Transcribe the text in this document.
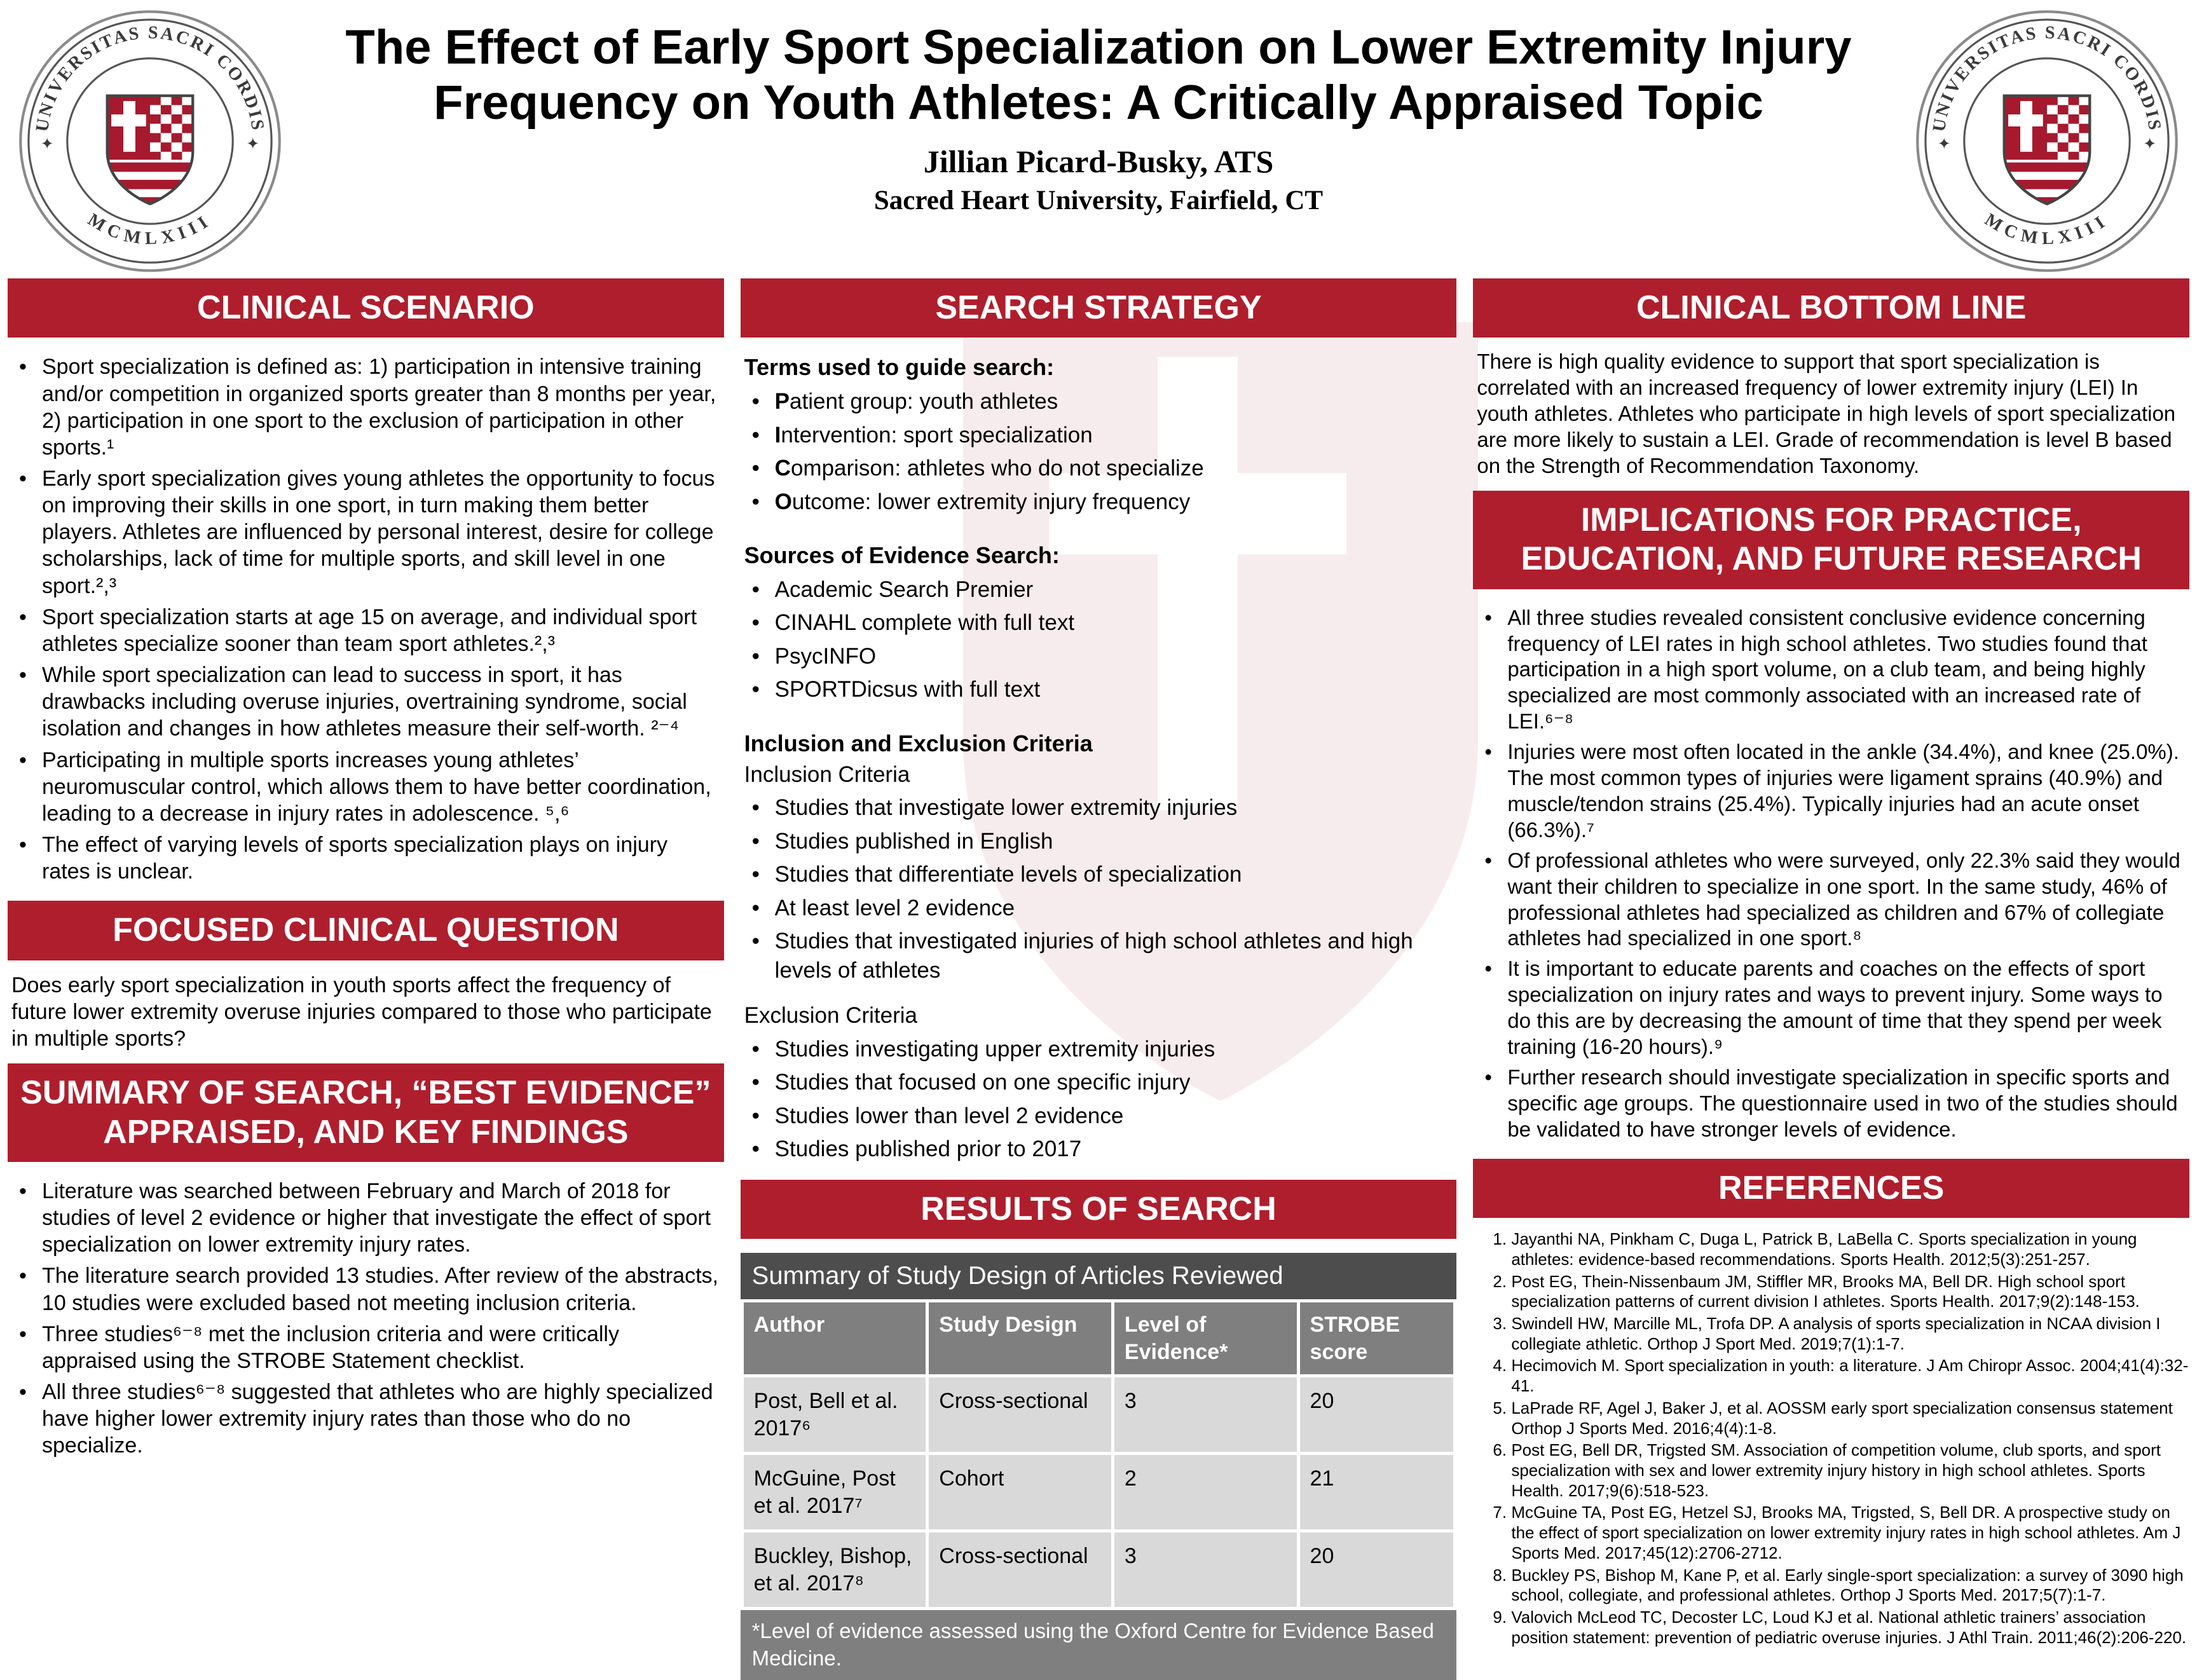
The Effect of Early Sport Specialization on Lower Extremity Injury Frequency on Youth Athletes: A Critically Appraised Topic
Jillian Picard-Busky, ATS
Sacred Heart University, Fairfield, CT
CLINICAL SCENARIO
• Sport specialization is defined as: 1) participation in intensive training and/or competition in organized sports greater than 8 months per year, 2) participation in one sport to the exclusion of participation in other sports.¹
• Early sport specialization gives young athletes the opportunity to focus on improving their skills in one sport, in turn making them better players. Athletes are influenced by personal interest, desire for college scholarships, lack of time for multiple sports, and skill level in one sport.²,³
• Sport specialization starts at age 15 on average, and individual sport athletes specialize sooner than team sport athletes.²,³
• While sport specialization can lead to success in sport, it has drawbacks including overuse injuries, overtraining syndrome, social isolation and changes in how athletes measure their self-worth. ²⁻⁴
• Participating in multiple sports increases young athletes’ neuromuscular control, which allows them to have better coordination, leading to a decrease in injury rates in adolescence. ⁵,⁶
• The effect of varying levels of sports specialization plays on injury rates is unclear.
FOCUSED CLINICAL QUESTION
Does early sport specialization in youth sports affect the frequency of future lower extremity overuse injuries compared to those who participate in multiple sports?
SUMMARY OF SEARCH, “BEST EVIDENCE” APPRAISED, AND KEY FINDINGS
• Literature was searched between February and March of 2018 for studies of level 2 evidence or higher that investigate the effect of sport specialization on lower extremity injury rates.
• The literature search provided 13 studies. After review of the abstracts, 10 studies were excluded based not meeting inclusion criteria.
• Three studies⁶⁻⁸ met the inclusion criteria and were critically appraised using the STROBE Statement checklist.
• All three studies⁶⁻⁸ suggested that athletes who are highly specialized have higher lower extremity injury rates than those who do no specialize.
SEARCH STRATEGY
Terms used to guide search:
• Patient group: youth athletes
• Intervention: sport specialization
• Comparison: athletes who do not specialize
• Outcome: lower extremity injury frequency
Sources of Evidence Search:
• Academic Search Premier
• CINAHL complete with full text
• PsycINFO
• SPORTDicsus with full text
Inclusion and Exclusion Criteria
Inclusion Criteria
• Studies that investigate lower extremity injuries
• Studies published in English
• Studies that differentiate levels of specialization
• At least level 2 evidence
• Studies that investigated injuries of high school athletes and high levels of athletes
Exclusion Criteria
• Studies investigating upper extremity injuries
• Studies that focused on one specific injury
• Studies lower than level 2 evidence
• Studies published prior to 2017
RESULTS OF SEARCH
Summary of Study Design of Articles Reviewed
Author	Study Design	Level of Evidence*	STROBE score
Post, Bell et al. 2017⁶	Cross-sectional	3	20
McGuine, Post et al. 2017⁷	Cohort	2	21
Buckley, Bishop, et al. 2017⁸	Cross-sectional	3	20
*Level of evidence assessed using the Oxford Centre for Evidence Based Medicine.
CLINICAL BOTTOM LINE
There is high quality evidence to support that sport specialization is correlated with an increased frequency of lower extremity injury (LEI) In youth athletes. Athletes who participate in high levels of sport specialization are more likely to sustain a LEI. Grade of recommendation is level B based on the Strength of Recommendation Taxonomy.
IMPLICATIONS FOR PRACTICE, EDUCATION, AND FUTURE RESEARCH
• All three studies revealed consistent conclusive evidence concerning frequency of LEI rates in high school athletes. Two studies found that participation in a high sport volume, on a club team, and being highly specialized are most commonly associated with an increased rate of LEI.⁶⁻⁸
• Injuries were most often located in the ankle (34.4%), and knee (25.0%). The most common types of injuries were ligament sprains (40.9%) and muscle/tendon strains (25.4%). Typically injuries had an acute onset (66.3%).⁷
• Of professional athletes who were surveyed, only 22.3% said they would want their children to specialize in one sport. In the same study, 46% of professional athletes had specialized as children and 67% of collegiate athletes had specialized in one sport.⁸
• It is important to educate parents and coaches on the effects of sport specialization on injury rates and ways to prevent injury. Some ways to do this are by decreasing the amount of time that they spend per week training (16-20 hours).⁹
• Further research should investigate specialization in specific sports and specific age groups. The questionnaire used in two of the studies should be validated to have stronger levels of evidence.
REFERENCES
1. Jayanthi NA, Pinkham C, Duga L, Patrick B, LaBella C. Sports specialization in young athletes: evidence-based recommendations. Sports Health. 2012;5(3):251-257.
2. Post EG, Thein-Nissenbaum JM, Stiffler MR, Brooks MA, Bell DR. High school sport specialization patterns of current division I athletes. Sports Health. 2017;9(2):148-153.
3. Swindell HW, Marcille ML, Trofa DP. A analysis of sports specialization in NCAA division I collegiate athletic. Orthop J Sport Med. 2019;7(1):1-7.
4. Hecimovich M. Sport specialization in youth: a literature. J Am Chiropr Assoc. 2004;41(4):32-41.
5. LaPrade RF, Agel J, Baker J, et al. AOSSM early sport specialization consensus statement Orthop J Sports Med. 2016;4(4):1-8.
6. Post EG, Bell DR, Trigsted SM. Association of competition volume, club sports, and sport specialization with sex and lower extremity injury history in high school athletes. Sports Health. 2017;9(6):518-523.
7. McGuine TA, Post EG, Hetzel SJ, Brooks MA, Trigsted, S, Bell DR. A prospective study on the effect of sport specialization on lower extremity injury rates in high school athletes. Am J Sports Med. 2017;45(12):2706-2712.
8. Buckley PS, Bishop M, Kane P, et al. Early single-sport specialization: a survey of 3090 high school, collegiate, and professional athletes. Orthop J Sports Med. 2017;5(7):1-7.
9. Valovich McLeod TC, Decoster LC, Loud KJ et al. National athletic trainers’ association position statement: prevention of pediatric overuse injuries. J Athl Train. 2011;46(2):206-220.
